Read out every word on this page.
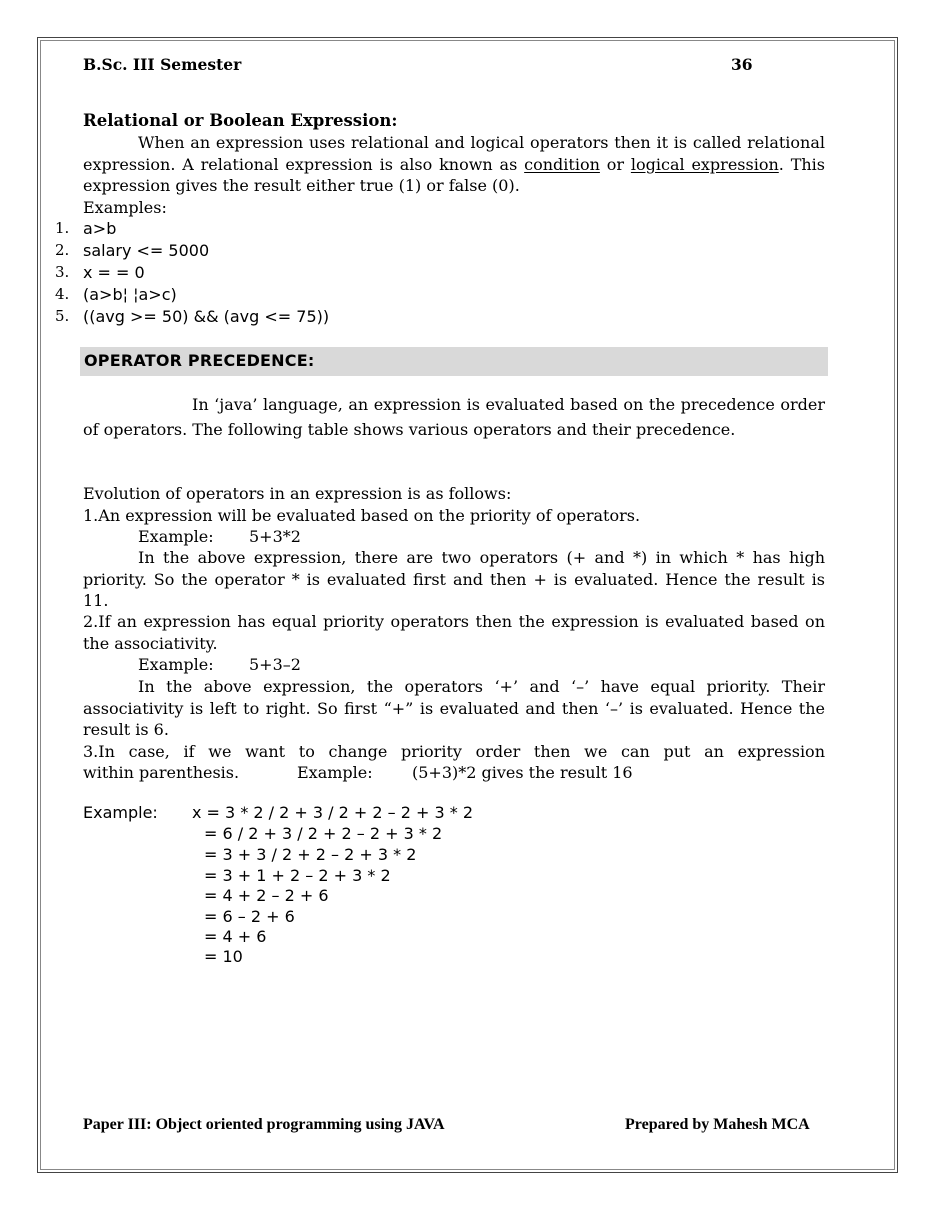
B.Sc. III Semester	36
Relational or Boolean Expression:
When an expression uses relational and logical operators then it is called relational expression. A relational expression is also known as condition or logical expression. This expression gives the result either true (1) or false (0).
Examples:
1. a>b
2. salary <= 5000
3. x = = 0
4. (a>b¦ ¦a>c)
5. ((avg >= 50) && (avg <= 75))
OPERATOR PRECEDENCE:
In ‘java’ language, an expression is evaluated based on the precedence order of operators. The following table shows various operators and their precedence.
Evolution of operators in an expression is as follows:
1.An expression will be evaluated based on the priority of operators.
Example: 5+3*2
In the above expression, there are two operators (+ and *) in which * has high priority. So the operator * is evaluated first and then + is evaluated. Hence the result is 11.
2.If an expression has equal priority operators then the expression is evaluated based on the associativity.
Example: 5+3–2
In the above expression, the operators ‘+’ and ‘–’ have equal priority. Their associativity is left to right. So first “+” is evaluated and then ‘–’ is evaluated. Hence the result is 6.
3.In case, if we want to change priority order then we can put an expression
within parenthesis.	Example: (5+3)*2 gives the result 16
Example: x = 3 * 2 / 2 + 3 / 2 + 2 – 2 + 3 * 2
= 6 / 2 + 3 / 2 + 2 – 2 + 3 * 2
= 3 + 3 / 2 + 2 – 2 + 3 * 2
= 3 + 1 + 2 – 2 + 3 * 2
= 4 + 2 – 2 + 6
= 6 – 2 + 6
= 4 + 6
= 10
Paper III: Object oriented programming using JAVA	Prepared by Mahesh MCA
